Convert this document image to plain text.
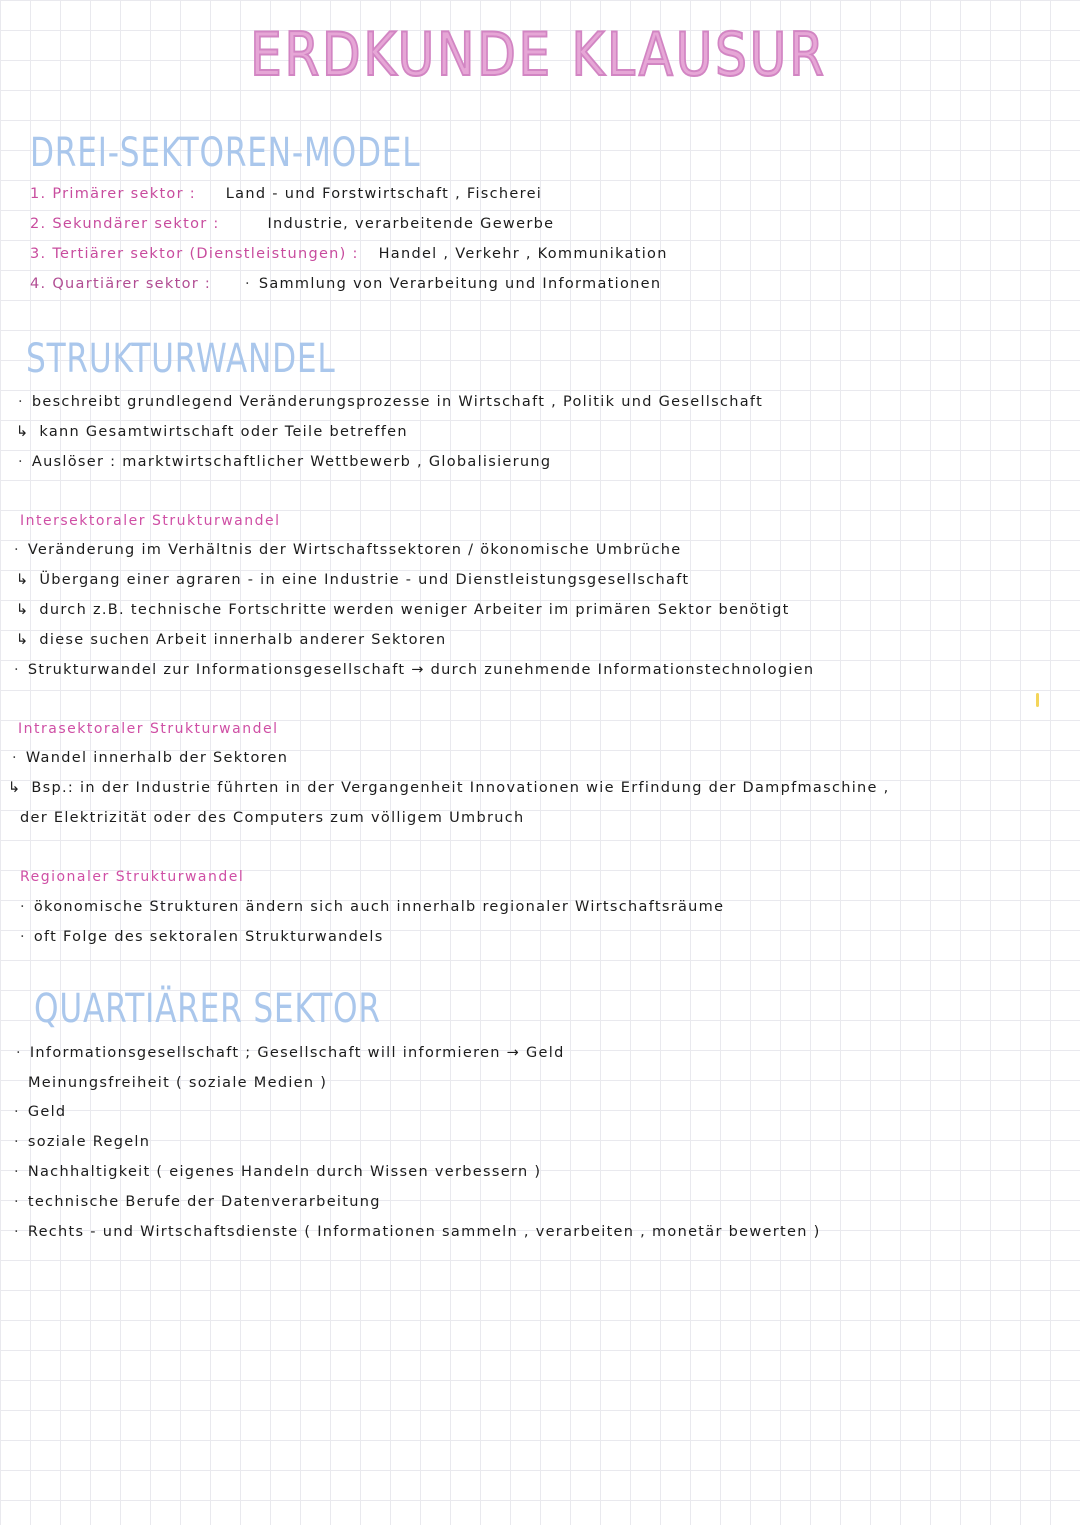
ERDKUNDE KLAUSUR
DREI-SEKTOREN-MODEL
1. Primärer sektor : Land - und Forstwirtschaft , Fischerei
2. Sekundärer sektor :	Industrie, verarbeitende Gewerbe
3. Tertiärer sektor (Dienstleistungen) : Handel , Verkehr , Kommunikation
4. Quartiärer sektor : · Sammlung von Verarbeitung und Informationen
STRUKTURWANDEL
· beschreibt grundlegend Veränderungsprozesse in Wirtschaft , Politik und Gesellschaft
↳ kann Gesamtwirtschaft oder Teile betreffen
· Auslöser : marktwirtschaftlicher Wettbewerb , Globalisierung
Intersektoraler Strukturwandel
· Veränderung im Verhältnis der Wirtschaftssektoren / ökonomische Umbrüche
↳ Übergang einer agraren - in eine Industrie - und Dienstleistungsgesellschaft
↳ durch z.B. technische Fortschritte werden weniger Arbeiter im primären Sektor benötigt
↳ diese suchen Arbeit innerhalb anderer Sektoren
· Strukturwandel zur Informationsgesellschaft → durch zunehmende Informationstechnologien
Intrasektoraler Strukturwandel
· Wandel innerhalb der Sektoren
↳ Bsp.: in der Industrie führten in der Vergangenheit Innovationen wie Erfindung der Dampfmaschine ,
der Elektrizität oder des Computers zum völligem Umbruch
Regionaler Strukturwandel
· ökonomische Strukturen ändern sich auch innerhalb regionaler Wirtschaftsräume
· oft Folge des sektoralen Strukturwandels
QUARTIÄRER SEKTOR
· Informationsgesellschaft ; Gesellschaft will informieren → Geld
Meinungsfreiheit ( soziale Medien )
· Geld
· soziale Regeln
· Nachhaltigkeit ( eigenes Handeln durch Wissen verbessern )
· technische Berufe der Datenverarbeitung
· Rechts - und Wirtschaftsdienste ( Informationen sammeln , verarbeiten , monetär bewerten )
